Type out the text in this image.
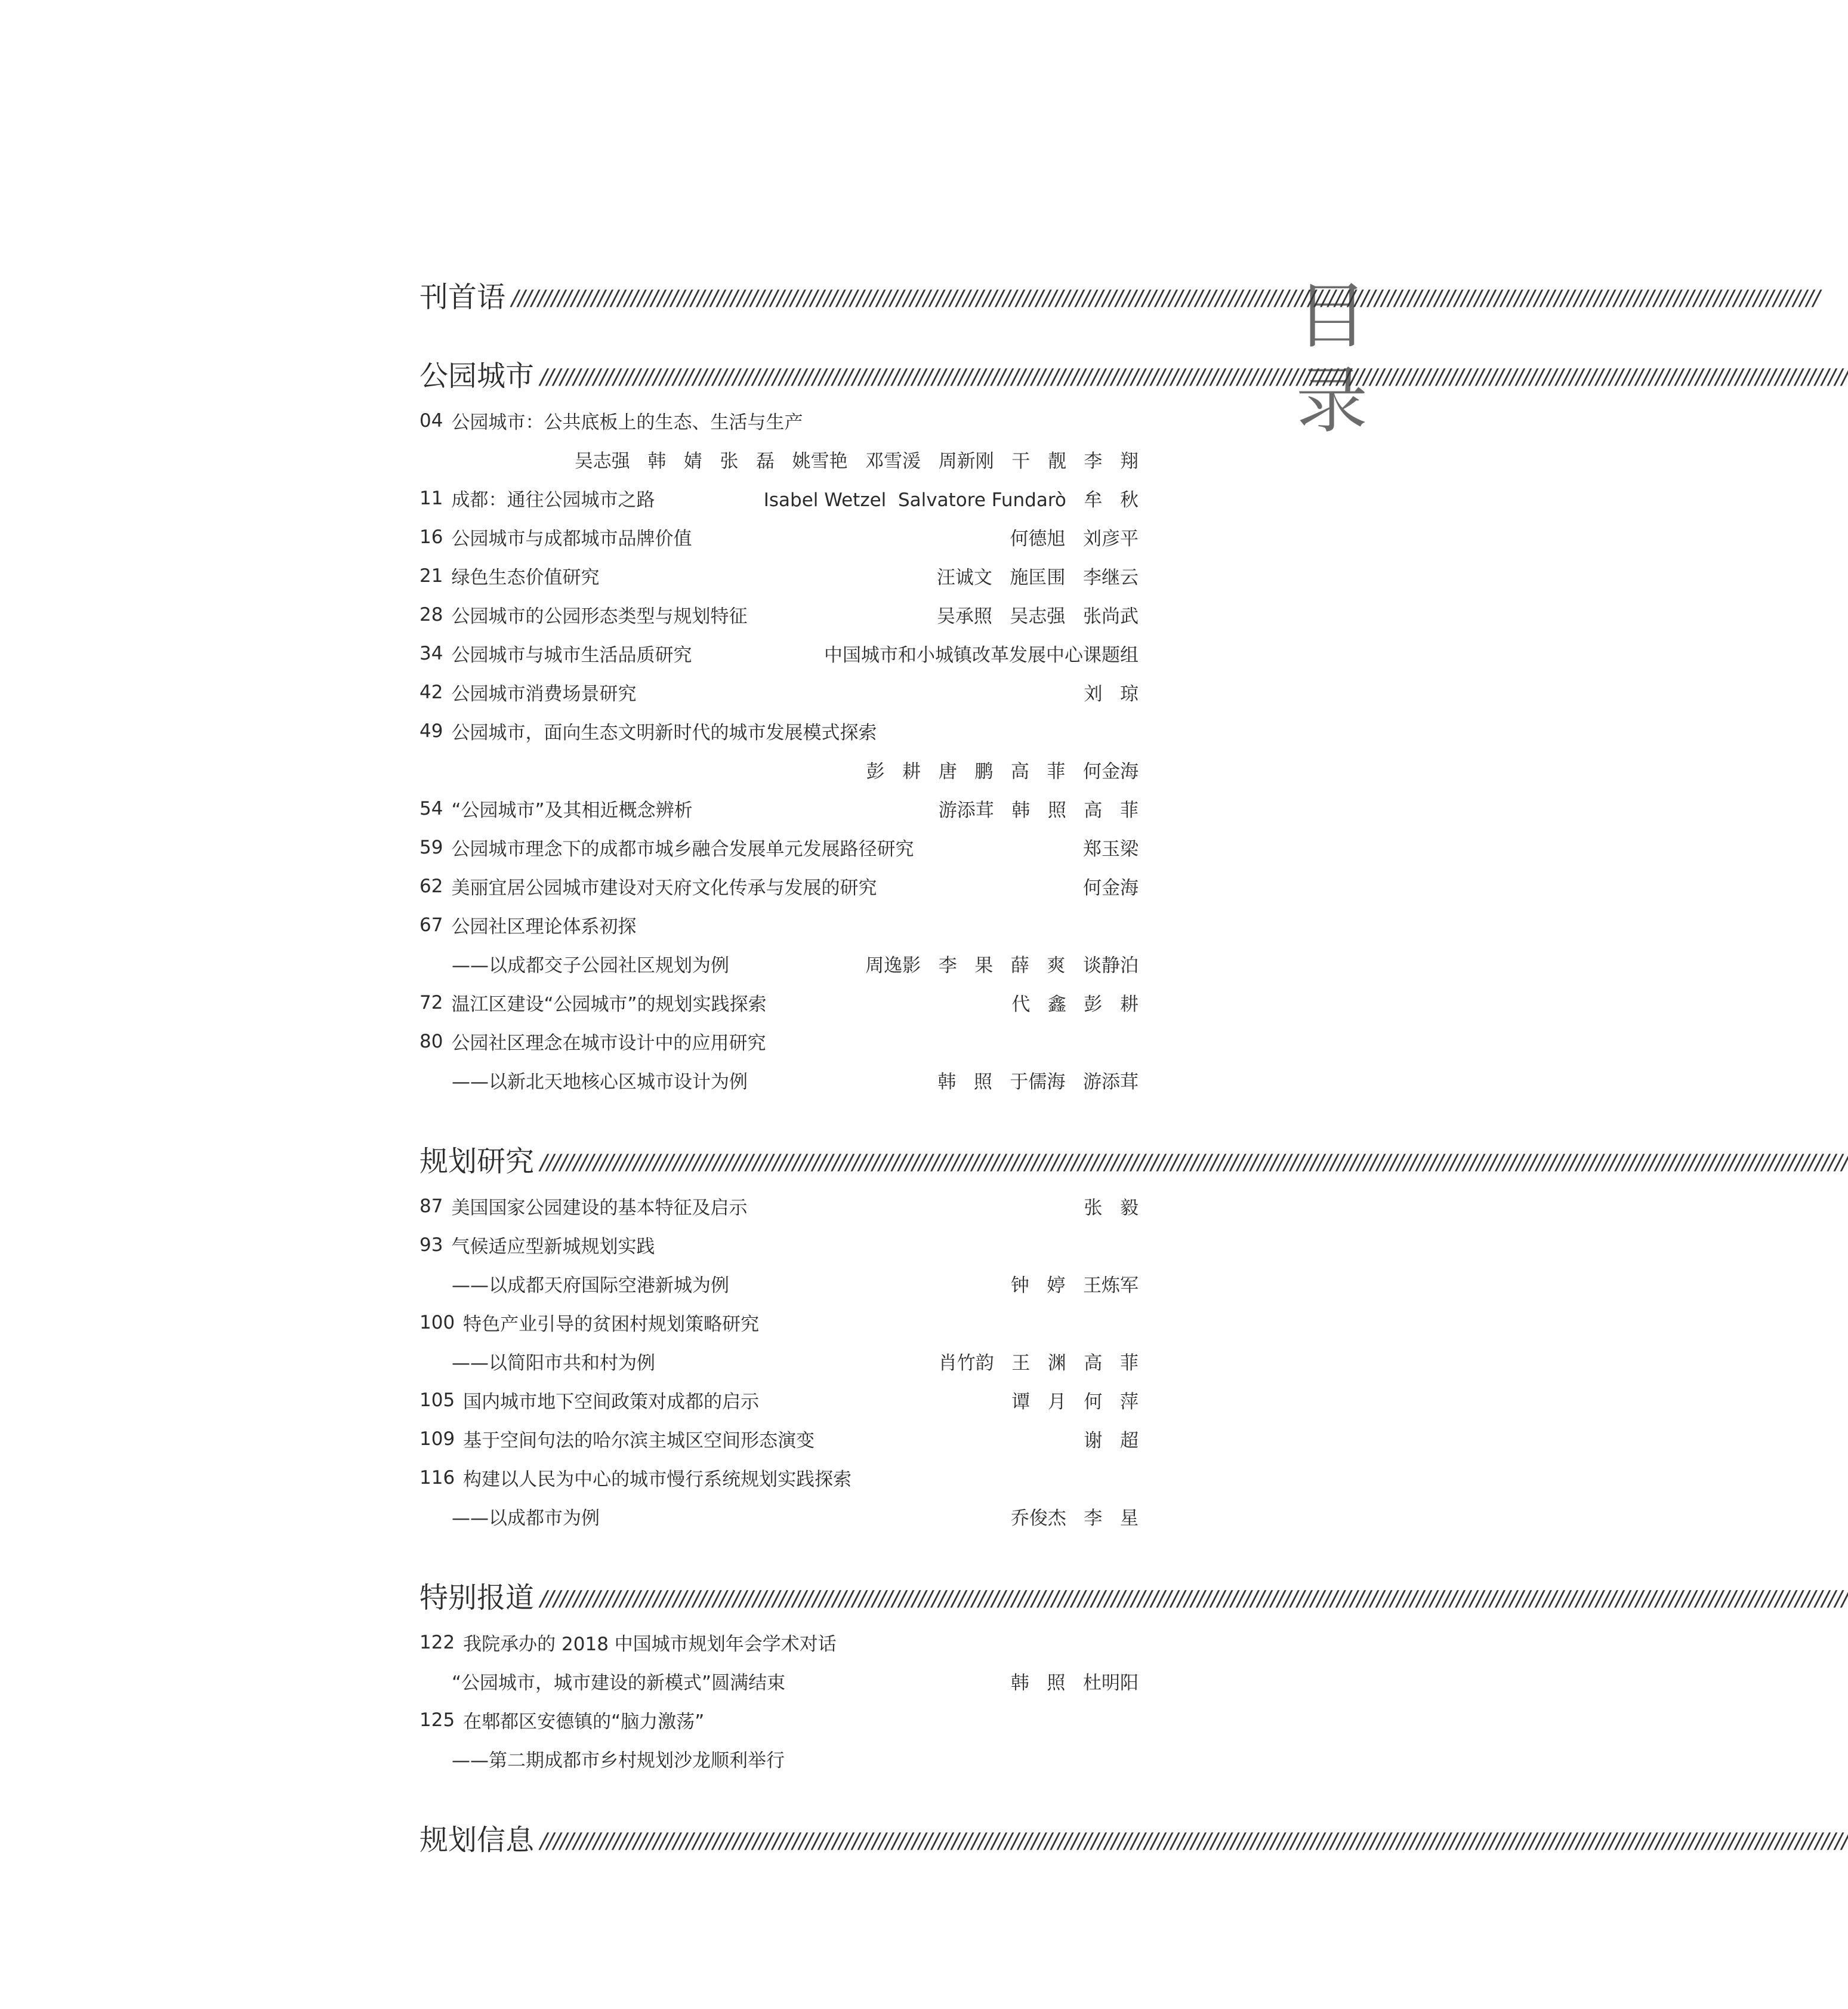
目
录
刊首语 /////////////////////////////////////////////////////////////////////////////////////////////////////////////////////////////////////////////////////////////////////////////////////////////////////
公园城市 /////////////////////////////////////////////////////////////////////////////////////////////////////////////////////////////////////////////////////////////////////////////////////////////////////
04 公园城市：公共底板上的生态、生活与生产
吴志强   韩   婧   张   磊   姚雪艳   邓雪湲   周新刚   干   靓   李   翔
11 成都：通往公园城市之路	Isabel Wetzel  Salvatore Fundarò   牟   秋
16 公园城市与成都城市品牌价值	何德旭   刘彦平
21 绿色生态价值研究	汪诚文   施匡围   李继云
28 公园城市的公园形态类型与规划特征	吴承照   吴志强   张尚武
34 公园城市与城市生活品质研究	中国城市和小城镇改革发展中心课题组
42 公园城市消费场景研究	刘   琼
49 公园城市，面向生态文明新时代的城市发展模式探索
彭   耕   唐   鹏   高   菲   何金海
54 “公园城市”及其相近概念辨析	游添茸   韩   照   高   菲
59 公园城市理念下的成都市城乡融合发展单元发展路径研究	郑玉梁
62 美丽宜居公园城市建设对天府文化传承与发展的研究	何金海
67 公园社区理论体系初探
——以成都交子公园社区规划为例	周逸影   李   果   薛   爽   谈静泊
72 温江区建设“公园城市”的规划实践探索	代   鑫   彭   耕
80 公园社区理念在城市设计中的应用研究
——以新北天地核心区城市设计为例	韩   照   于儒海   游添茸
规划研究 /////////////////////////////////////////////////////////////////////////////////////////////////////////////////////////////////////////////////////////////////////////////////////////////////////
87 美国国家公园建设的基本特征及启示	张   毅
93 气候适应型新城规划实践
——以成都天府国际空港新城为例	钟   婷   王炼军
100 特色产业引导的贫困村规划策略研究
——以简阳市共和村为例	肖竹韵   王   渊   高   菲
105 国内城市地下空间政策对成都的启示	谭   月   何   萍
109 基于空间句法的哈尔滨主城区空间形态演变	谢   超
116 构建以人民为中心的城市慢行系统规划实践探索
——以成都市为例	乔俊杰   李   星
特别报道 /////////////////////////////////////////////////////////////////////////////////////////////////////////////////////////////////////////////////////////////////////////////////////////////////////
122 我院承办的 2018 中国城市规划年会学术对话
“公园城市，城市建设的新模式”圆满结束	韩   照   杜明阳
125 在郫都区安德镇的“脑力激荡”
——第二期成都市乡村规划沙龙顺利举行
规划信息 /////////////////////////////////////////////////////////////////////////////////////////////////////////////////////////////////////////////////////////////////////////////////////////////////////
